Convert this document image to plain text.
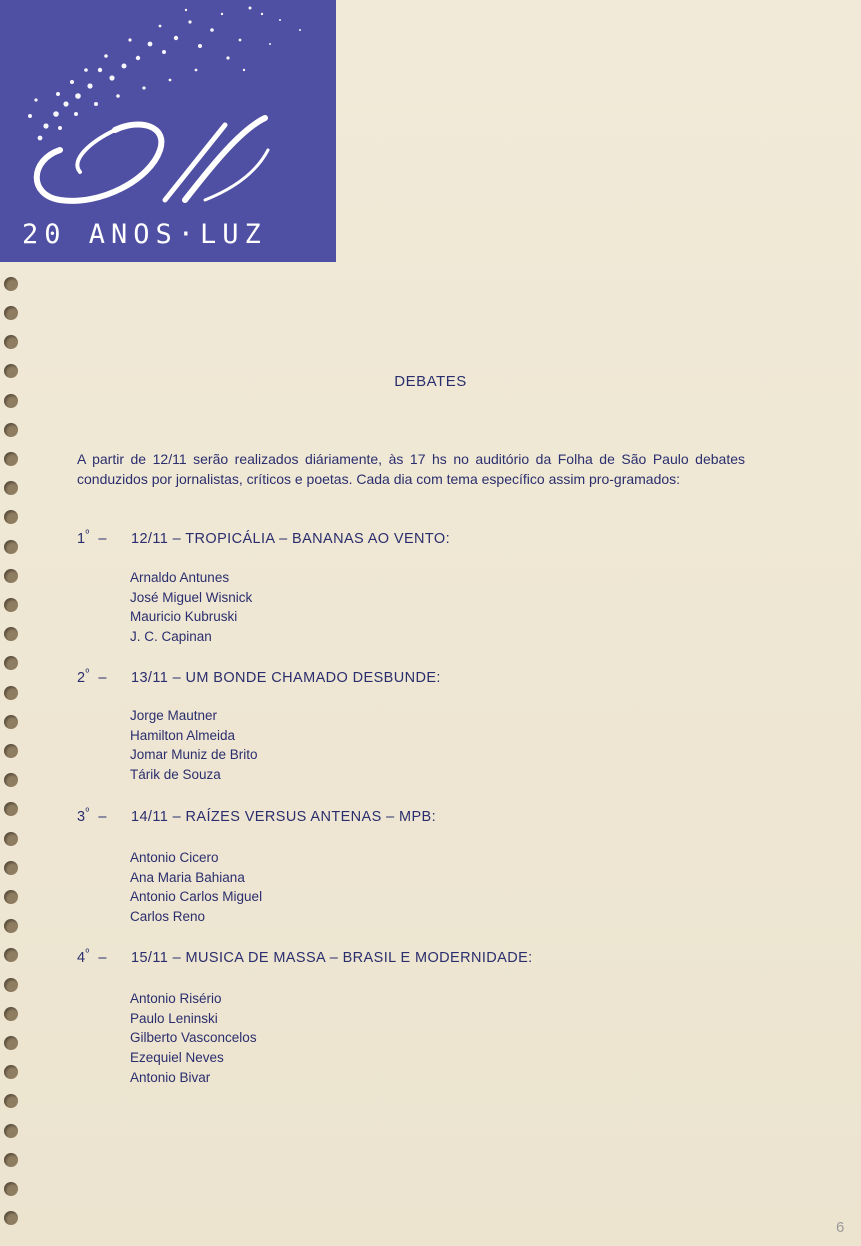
20 ANOS·LUZ
DEBATES
A partir de 12/11 serão realizados diáriamente, às 17 hs no auditório da Folha de São Paulo debates conduzidos por jornalistas, críticos e poetas. Cada dia com tema específico assim pro-gramados:
$1^º - 12/11$ – TROPICÁLIA – BANANAS AO VENTO:
Arnaldo Antunes
José Miguel Wisnick
Mauricio Kubruski
J. C. Capinan
$2^º - 13/11$ – UM BONDE CHAMADO DESBUNDE:
Jorge Mautner
Hamilton Almeida
Jomar Muniz de Brito
Tárik de Souza
$3^º - 14/11$ – RAÍZES VERSUS ANTENAS – MPB:
Antonio Cicero
Ana Maria Bahiana
Antonio Carlos Miguel
Carlos Reno
$4^º - 15/11$ – MUSICA DE MASSA – BRASIL E MODERNIDADE:
Antonio Risério
Paulo Leninski
Gilberto Vasconcelos
Ezequiel Neves
Antonio Bivar
6
